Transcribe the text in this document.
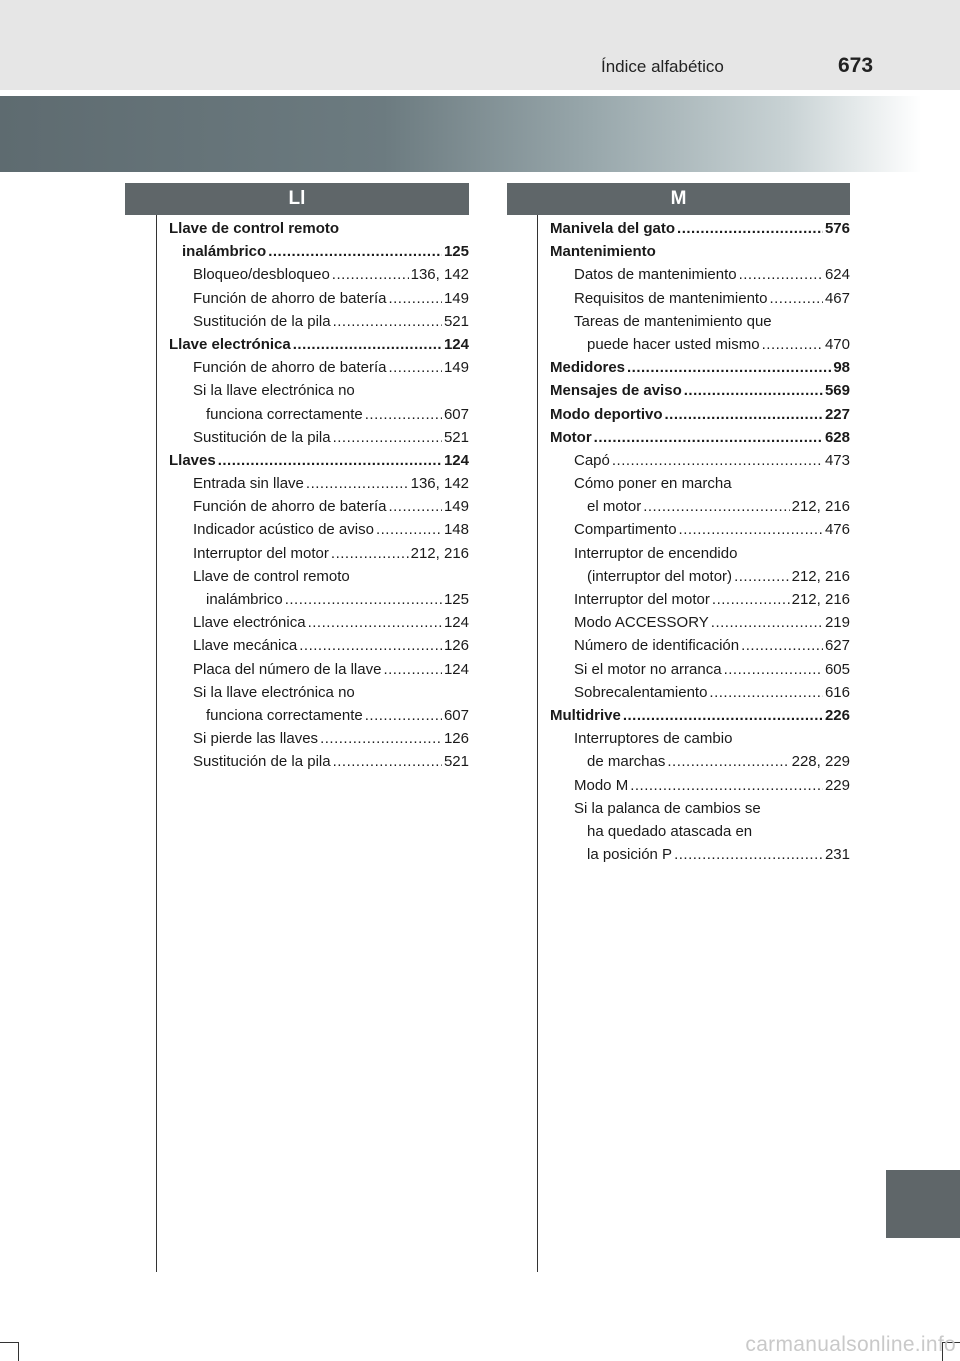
Índice alfabético	673
Ll	M
Llave de control remoto
inalámbrico .....	125
Bloqueo/desbloqueo .....	136, 142
Función de ahorro de batería .....	149
Sustitución de la pila .....	521
Llave electrónica .....	124
Función de ahorro de batería .....	149
Si la llave electrónica no
funciona correctamente .....	607
Sustitución de la pila .....	521
Llaves .....	124
Entrada sin llave .....	136, 142
Función de ahorro de batería .....	149
Indicador acústico de aviso .....	148
Interruptor del motor .....	212, 216
Llave de control remoto
inalámbrico .....	125
Llave electrónica .....	124
Llave mecánica .....	126
Placa del número de la llave .....	124
Si la llave electrónica no
funciona correctamente .....	607
Si pierde las llaves .....	126
Sustitución de la pila .....	521
Manivela del gato .....	576
Mantenimiento
Datos de mantenimiento .....	624
Requisitos de mantenimiento .....	467
Tareas de mantenimiento que
puede hacer usted mismo .....	470
Medidores .....	98
Mensajes de aviso .....	569
Modo deportivo .....	227
Motor .....	628
Capó .....	473
Cómo poner en marcha
el motor .....	212, 216
Compartimento .....	476
Interruptor de encendido
(interruptor del motor) .....	212, 216
Interruptor del motor .....	212, 216
Modo ACCESSORY .....	219
Número de identificación .....	627
Si el motor no arranca .....	605
Sobrecalentamiento .....	616
Multidrive .....	226
Interruptores de cambio
de marchas .....	228, 229
Modo M .....	229
Si la palanca de cambios se
ha quedado atascada en
la posición P .....	231
carmanualsonline.info
